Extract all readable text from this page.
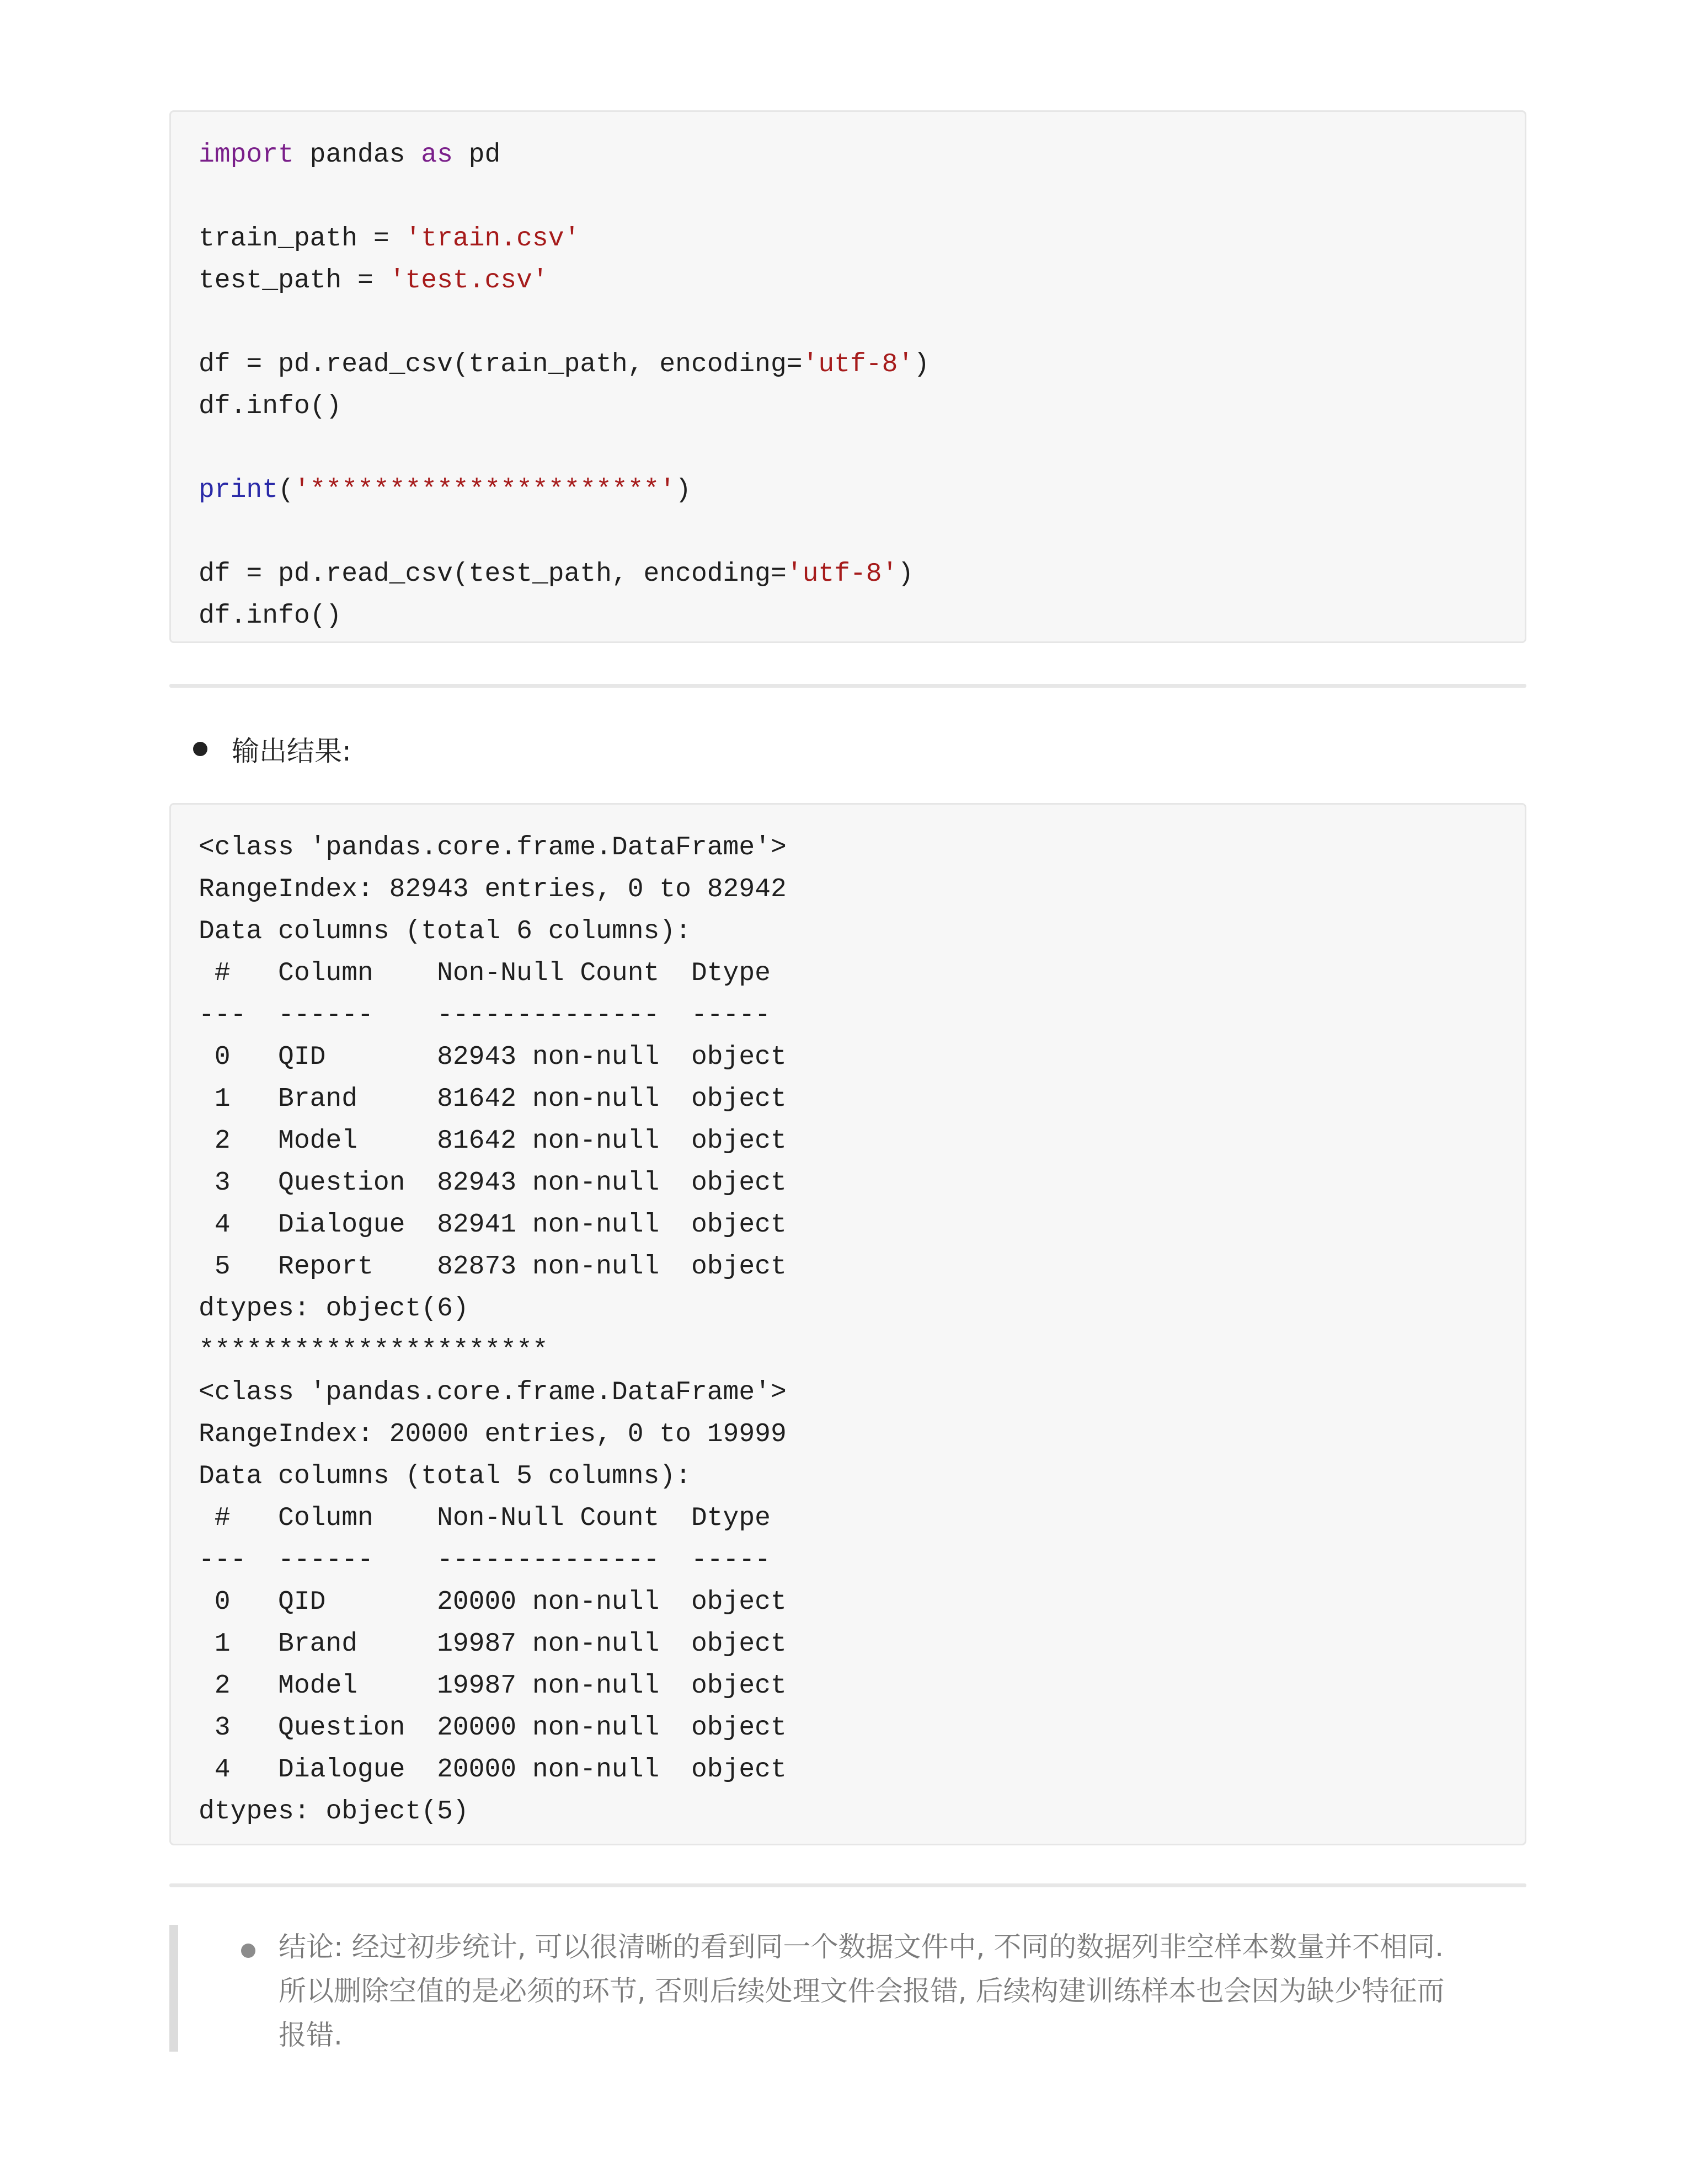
import pandas as pd
train_path = 'train.csv'
test_path = 'test.csv'
df = pd.read_csv(train_path, encoding='utf-8')
df.info()
print('**********************')
df = pd.read_csv(test_path, encoding='utf-8')
df.info()
输出结果:
<class 'pandas.core.frame.DataFrame'>
RangeIndex: 82943 entries, 0 to 82942
Data columns (total 6 columns):
#   Column    Non-Null Count  Dtype
---  ------    --------------  -----
0   QID       82943 non-null  object
1   Brand     81642 non-null  object
2   Model     81642 non-null  object
3   Question  82943 non-null  object
4   Dialogue  82941 non-null  object
5   Report    82873 non-null  object
dtypes: object(6)
**********************
<class 'pandas.core.frame.DataFrame'>
RangeIndex: 20000 entries, 0 to 19999
Data columns (total 5 columns):
#   Column    Non-Null Count  Dtype
---  ------    --------------  -----
0   QID       20000 non-null  object
1   Brand     19987 non-null  object
2   Model     19987 non-null  object
3   Question  20000 non-null  object
4   Dialogue  20000 non-null  object
dtypes: object(5)
结论: 经过初步统计, 可以很清晰的看到同一个数据文件中, 不同的数据列非空样本数量并不相同.
所以删除空值的是必须的环节, 否则后续处理文件会报错, 后续构建训练样本也会因为缺少特征而
报错.
